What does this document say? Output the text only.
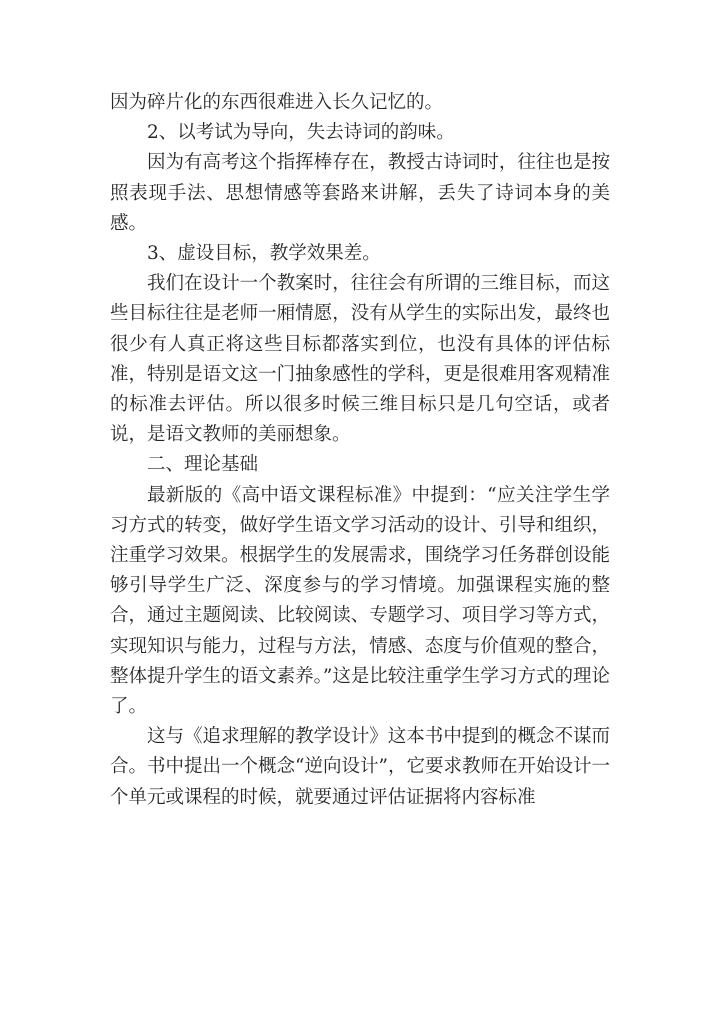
因为碎片化的东西很难进入长久记忆的。

2、以考试为导向，失去诗词的韵味。

因为有高考这个指挥棒存在，教授古诗词时，往往也是按照表现手法、思想情感等套路来讲解，丢失了诗词本身的美感。

3、虚设目标，教学效果差。

我们在设计一个教案时，往往会有所谓的三维目标，而这些目标往往是老师一厢情愿，没有从学生的实际出发，最终也很少有人真正将这些目标都落实到位，也没有具体的评估标准，特别是语文这一门抽象感性的学科，更是很难用客观精准的标准去评估。所以很多时候三维目标只是几句空话，或者说，是语文教师的美丽想象。

二、理论基础

最新版的《高中语文课程标准》中提到：“应关注学生学习方式的转变，做好学生语文学习活动的设计、引导和组织，注重学习效果。根据学生的发展需求，围绕学习任务群创设能够引导学生广泛、深度参与的学习情境。加强课程实施的整合，通过主题阅读、比较阅读、专题学习、项目学习等方式，实现知识与能力，过程与方法，情感、态度与价值观的整合，整体提升学生的语文素养。”这是比较注重学生学习方式的理论了。

这与《追求理解的教学设计》这本书中提到的概念不谋而合。书中提出一个概念“逆向设计”，它要求教师在开始设计一个单元或课程的时候，就要通过评估证据将内容标准
